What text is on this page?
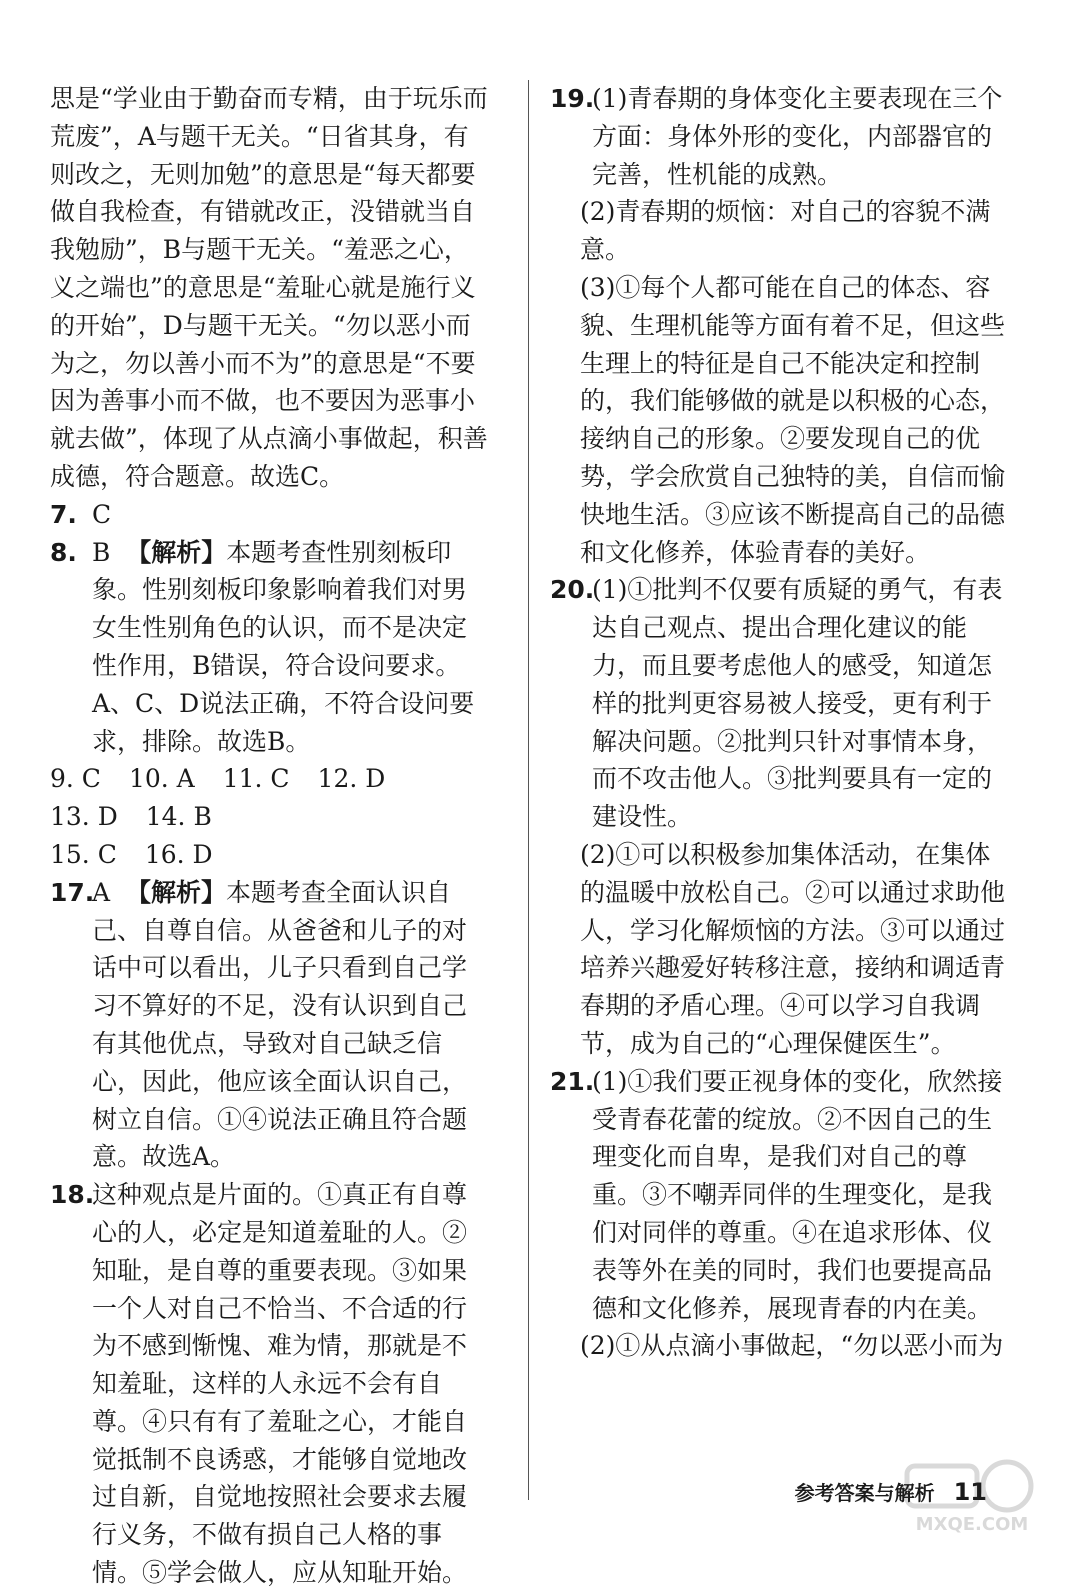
思是“学业由于勤奋而专精，由于玩乐而荒废”，A与题干无关。“日省其身，有则改之，无则加勉”的意思是“每天都要做自我检查，有错就改正，没错就当自我勉励”，B与题干无关。“羞恶之心，义之端也”的意思是“羞耻心就是施行义的开始”，D与题干无关。“勿以恶小而为之，勿以善小而不为”的意思是“不要因为善事小而不做，也不要因为恶事小就去做”，体现了从点滴小事做起，积善成德，符合题意。故选C。

7. C
8. B 【解析】本题考查性别刻板印象。性别刻板印象影响着我们对男女生性别角色的认识，而不是决定性作用，B错误，符合设问要求。A、C、D说法正确，不符合设问要求，排除。故选B。
9. C 10. A 11. C 12. D
13. D 14. B
15. C 16. D
17.
A 【解析】本题考查全面认识自己、自尊自信。从爸爸和儿子的对话中可以看出，儿子只看到自己学习不算好的不足，没有认识到自己有其他优点，导致对自己缺乏信心，因此，他应该全面认识自己，树立自信。①④说法正确且符合题意。故选A。
18.
这种观点是片面的。①真正有自尊心的人，必定是知道羞耻的人。②知耻，是自尊的重要表现。③如果一个人对自己不恰当、不合适的行为不感到惭愧、难为情，那就是不知羞耻，这样的人永远不会有自尊。④只有有了羞耻之心，才能自觉抵制不良诱惑，才能够自觉地改过自新，自觉地按照社会要求去履行义务，不做有损自己人格的事情。⑤学会做人，应从知耻开始。
19.
(1)青春期的身体变化主要表现在三个方面：身体外形的变化，内部器官的完善，性机能的成熟。

(2)青春期的烦恼：对自己的容貌不满意。

(3)①每个人都可能在自己的体态、容貌、生理机能等方面有着不足，但这些生理上的特征是自己不能决定和控制的，我们能够做的就是以积极的心态，接纳自己的形象。②要发现自己的优势，学会欣赏自己独特的美，自信而愉快地生活。③应该不断提高自己的品德和文化修养，体验青春的美好。

20.
(1)①批判不仅要有质疑的勇气，有表达自己观点、提出合理化建议的能力，而且要考虑他人的感受，知道怎样的批判更容易被人接受，更有利于解决问题。②批判只针对事情本身，而不攻击他人。③批判要具有一定的建设性。

(2)①可以积极参加集体活动，在集体的温暖中放松自己。②可以通过求助他人，学习化解烦恼的方法。③可以通过培养兴趣爱好转移注意，接纳和调适青春期的矛盾心理。④可以学习自我调节，成为自己的“心理保健医生”。

21.
(1)①我们要正视身体的变化，欣然接受青春花蕾的绽放。②不因自己的生理变化而自卑，是我们对自己的尊重。③不嘲弄同伴的生理变化，是我们对同伴的尊重。④在追求形体、仪表等外在美的同时，我们也要提高品德和文化修养，展现青春的内在美。

(2)①从点滴小事做起，“勿以恶小而为

参考答案与解析 11
MXQE.COM
